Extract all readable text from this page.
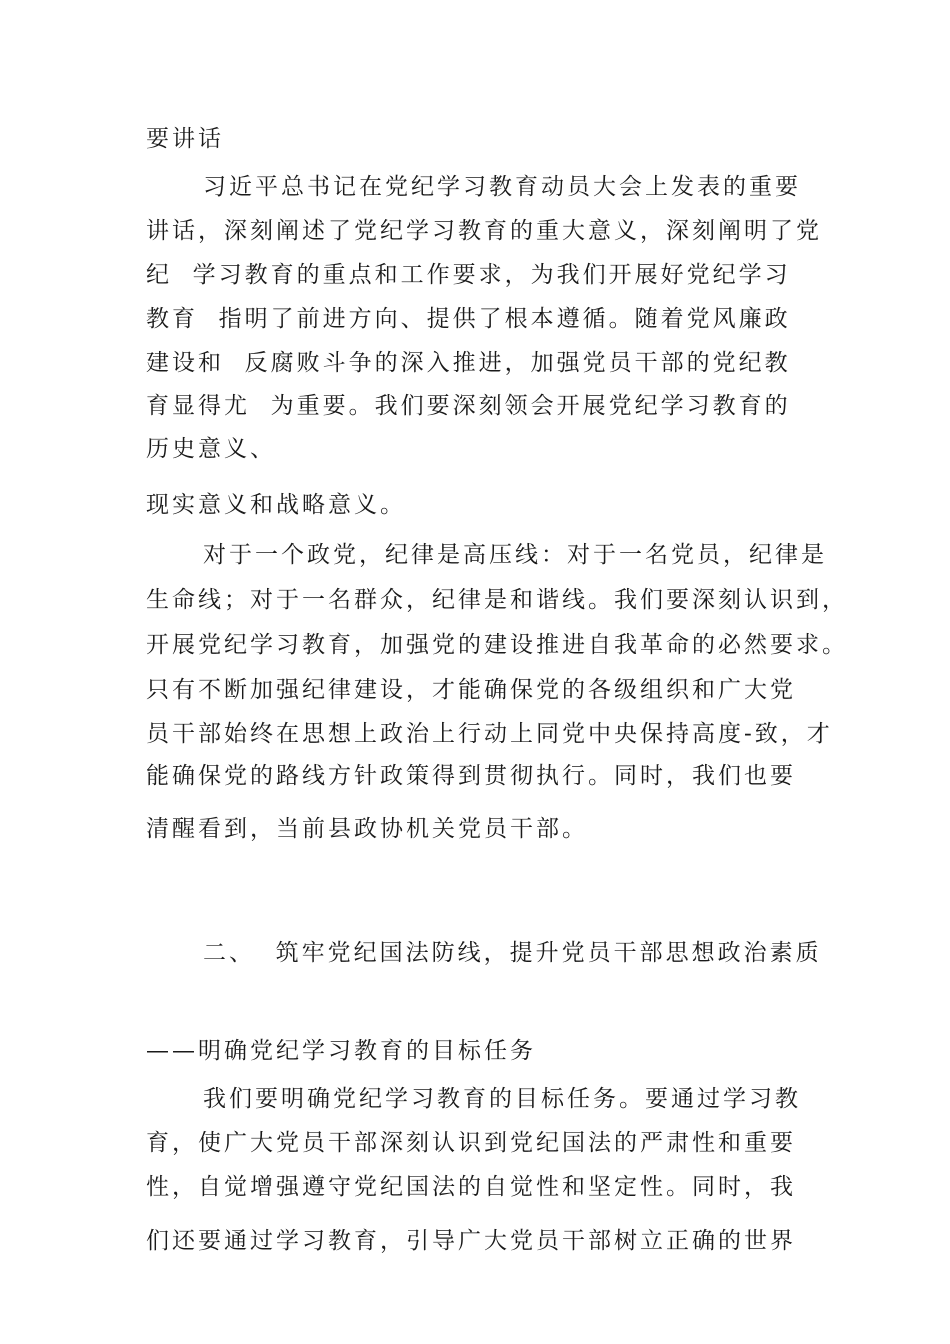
要讲话
习近平总书记在党纪学习教育动员大会上发表的重要
讲话，深刻阐述了党纪学习教育的重大意义，深刻阐明了党
纪  学习教育的重点和工作要求，为我们开展好党纪学习
教育  指明了前进方向、提供了根本遵循。随着党风廉政
建设和  反腐败斗争的深入推进，加强党员干部的党纪教
育显得尤  为重要。我们要深刻领会开展党纪学习教育的
历史意义、
现实意义和战略意义。
对于一个政党，纪律是高压线：对于一名党员，纪律是
生命线；对于一名群众，纪律是和谐线。我们要深刻认识到，
开展党纪学习教育，加强党的建设推进自我革命的必然要求。
只有不断加强纪律建设，才能确保党的各级组织和广大党
员干部始终在思想上政治上行动上同党中央保持高度-致，才
能确保党的路线方针政策得到贯彻执行。同时，我们也要
清醒看到，当前县政协机关党员干部。
二、  筑牢党纪国法防线，提升党员干部思想政治素质
——明确党纪学习教育的目标任务
我们要明确党纪学习教育的目标任务。要通过学习教
育，使广大党员干部深刻认识到党纪国法的严肃性和重要
性，自觉增强遵守党纪国法的自觉性和坚定性。同时，我
们还要通过学习教育，引导广大党员干部树立正确的世界
